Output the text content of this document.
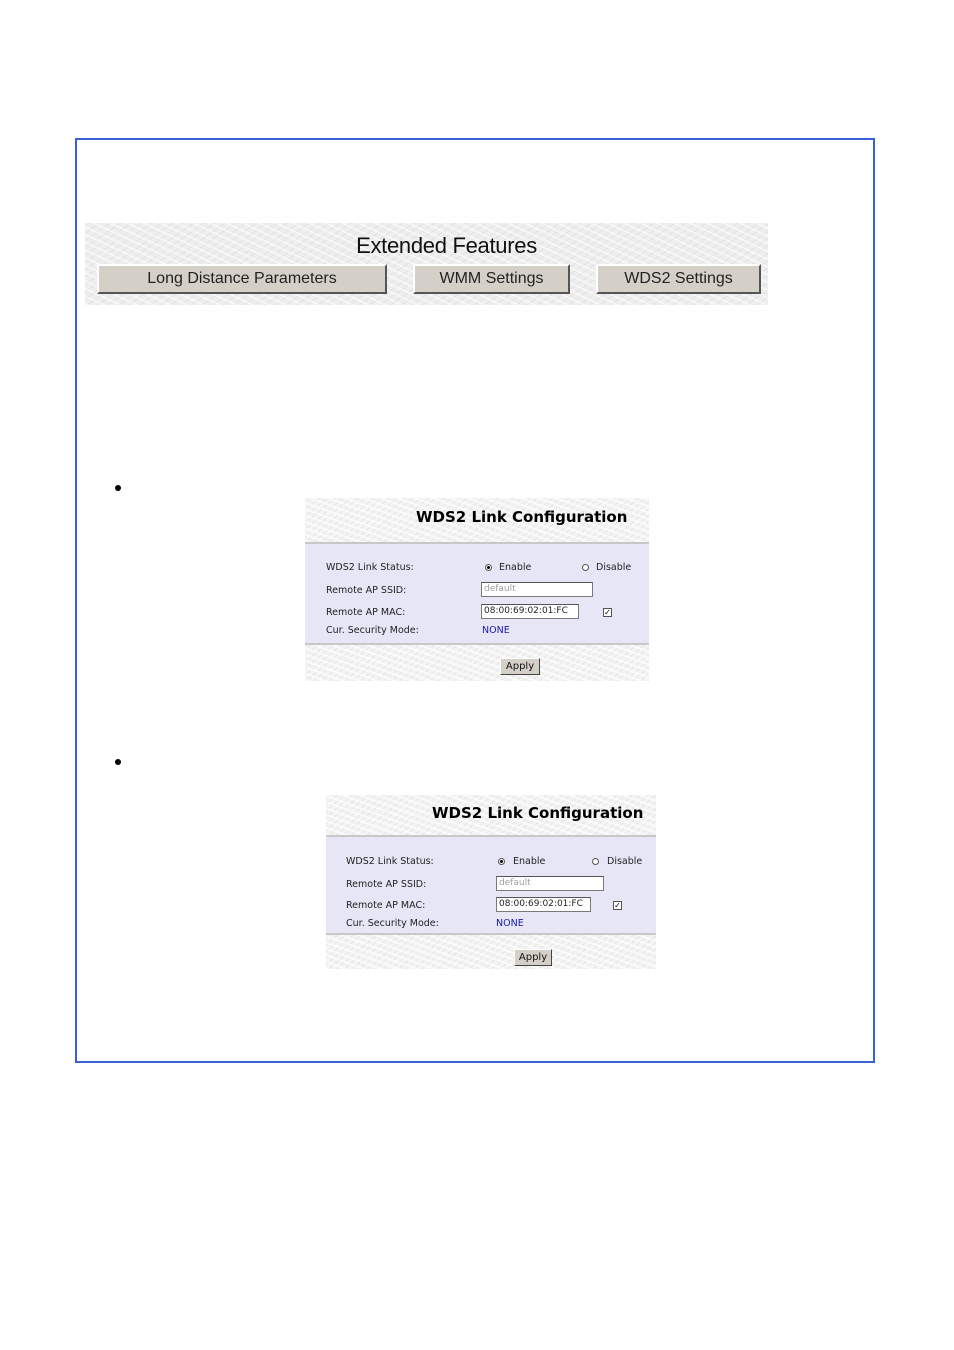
Extended Features
Long Distance Parameters	WMM Settings	WDS2 Settings
WDS2 Link Configuration
WDS2 Link Status:	Enable	Disable
Remote AP SSID:	default
Remote AP MAC:	08:00:69:02:01:FC	✓
Cur. Security Mode:	NONE
Apply
WDS2 Link Configuration
WDS2 Link Status:	Enable	Disable
Remote AP SSID:	default
Remote AP MAC:	08:00:69:02:01:FC	✓
Cur. Security Mode:	NONE
Apply
